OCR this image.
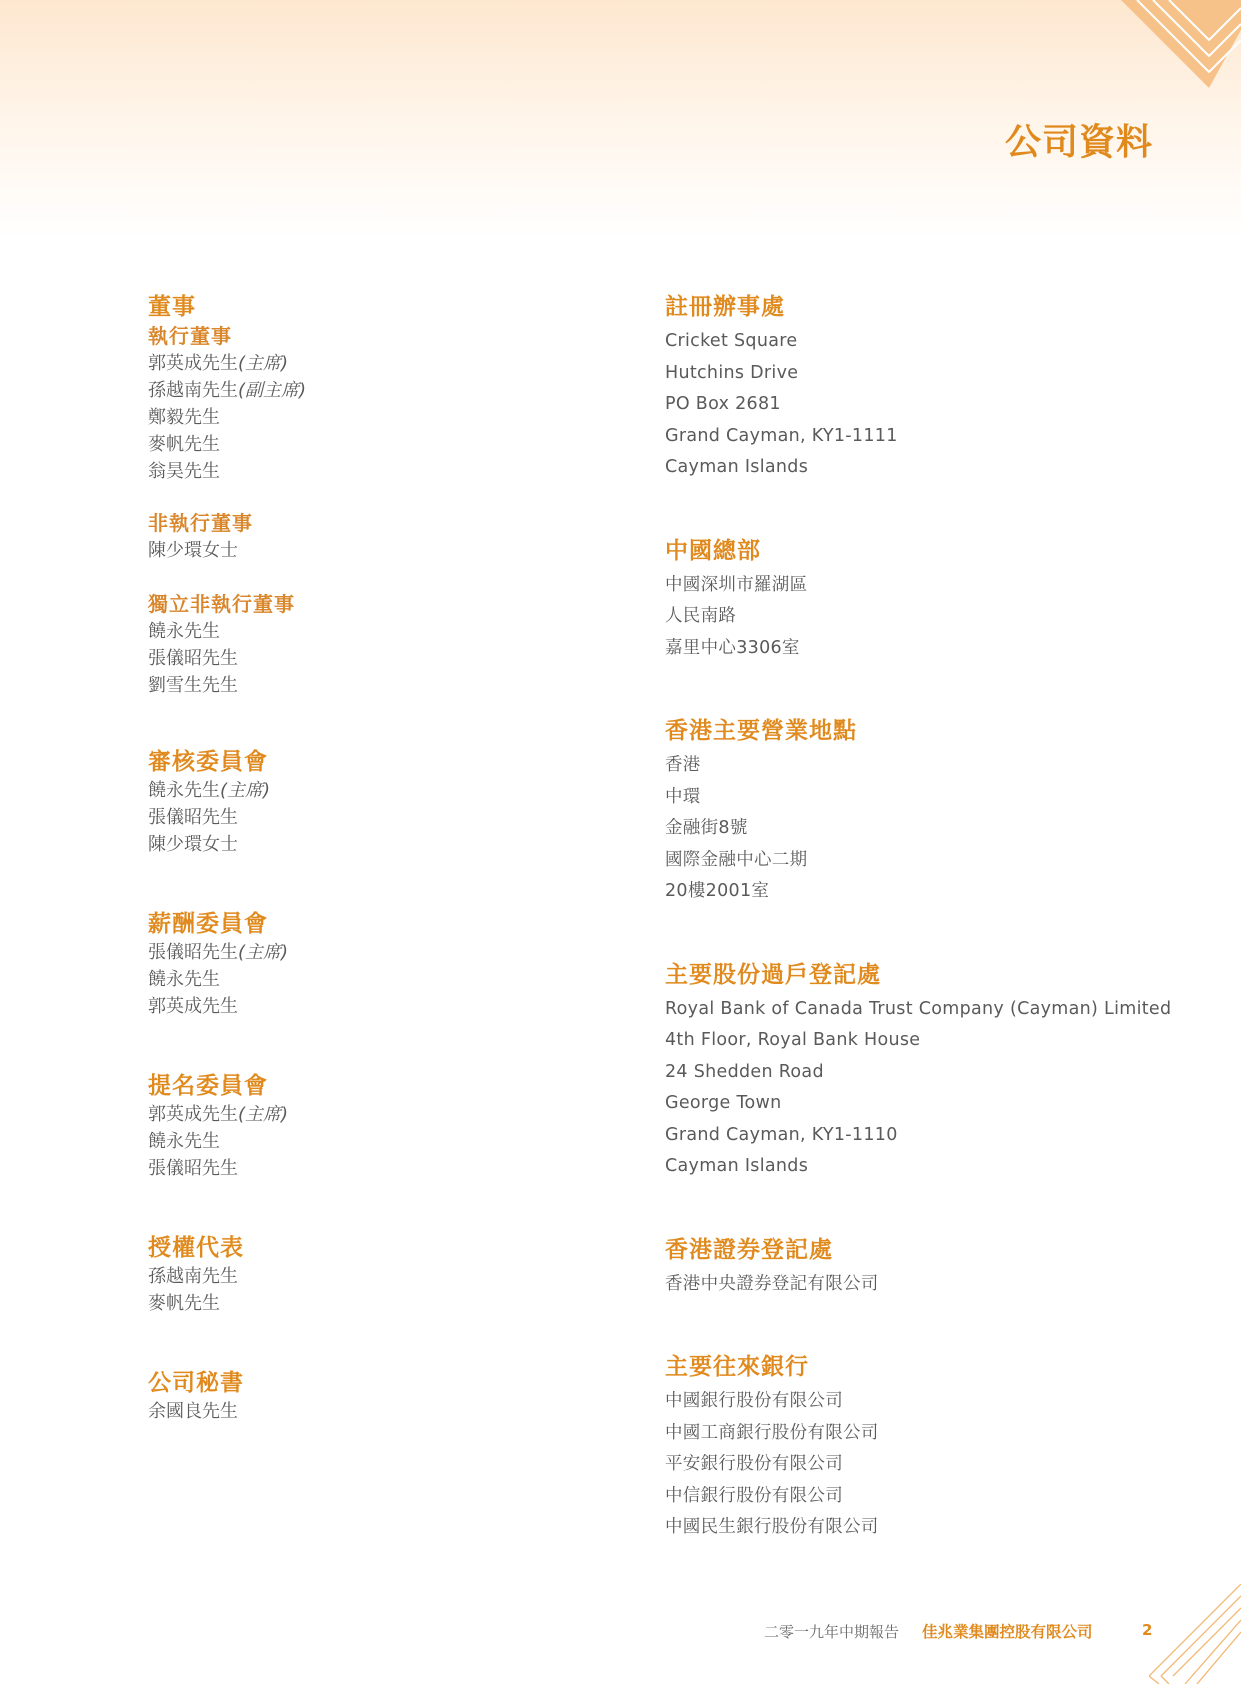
公司資料
董事
執行董事
郭英成先生(主席)
孫越南先生(副主席)
鄭毅先生
麥帆先生
翁昊先生
非執行董事
陳少環女士
獨立非執行董事
饒永先生
張儀昭先生
劉雪生先生
審核委員會
饒永先生(主席)
張儀昭先生
陳少環女士
薪酬委員會
張儀昭先生(主席)
饒永先生
郭英成先生
提名委員會
郭英成先生(主席)
饒永先生
張儀昭先生
授權代表
孫越南先生
麥帆先生
公司秘書
余國良先生
註冊辦事處
Cricket Square
Hutchins Drive
PO Box 2681
Grand Cayman, KY1-1111
Cayman Islands
中國總部
中國深圳市羅湖區
人民南路
嘉里中心3306室
香港主要營業地點
香港
中環
金融街8號
國際金融中心二期
20樓2001室
主要股份過戶登記處
Royal Bank of Canada Trust Company (Cayman) Limited
4th Floor, Royal Bank House
24 Shedden Road
George Town
Grand Cayman, KY1-1110
Cayman Islands
香港證券登記處
香港中央證券登記有限公司
主要往來銀行
中國銀行股份有限公司
中國工商銀行股份有限公司
平安銀行股份有限公司
中信銀行股份有限公司
中國民生銀行股份有限公司
二零一九年中期報告 佳兆業集團控股有限公司	2
